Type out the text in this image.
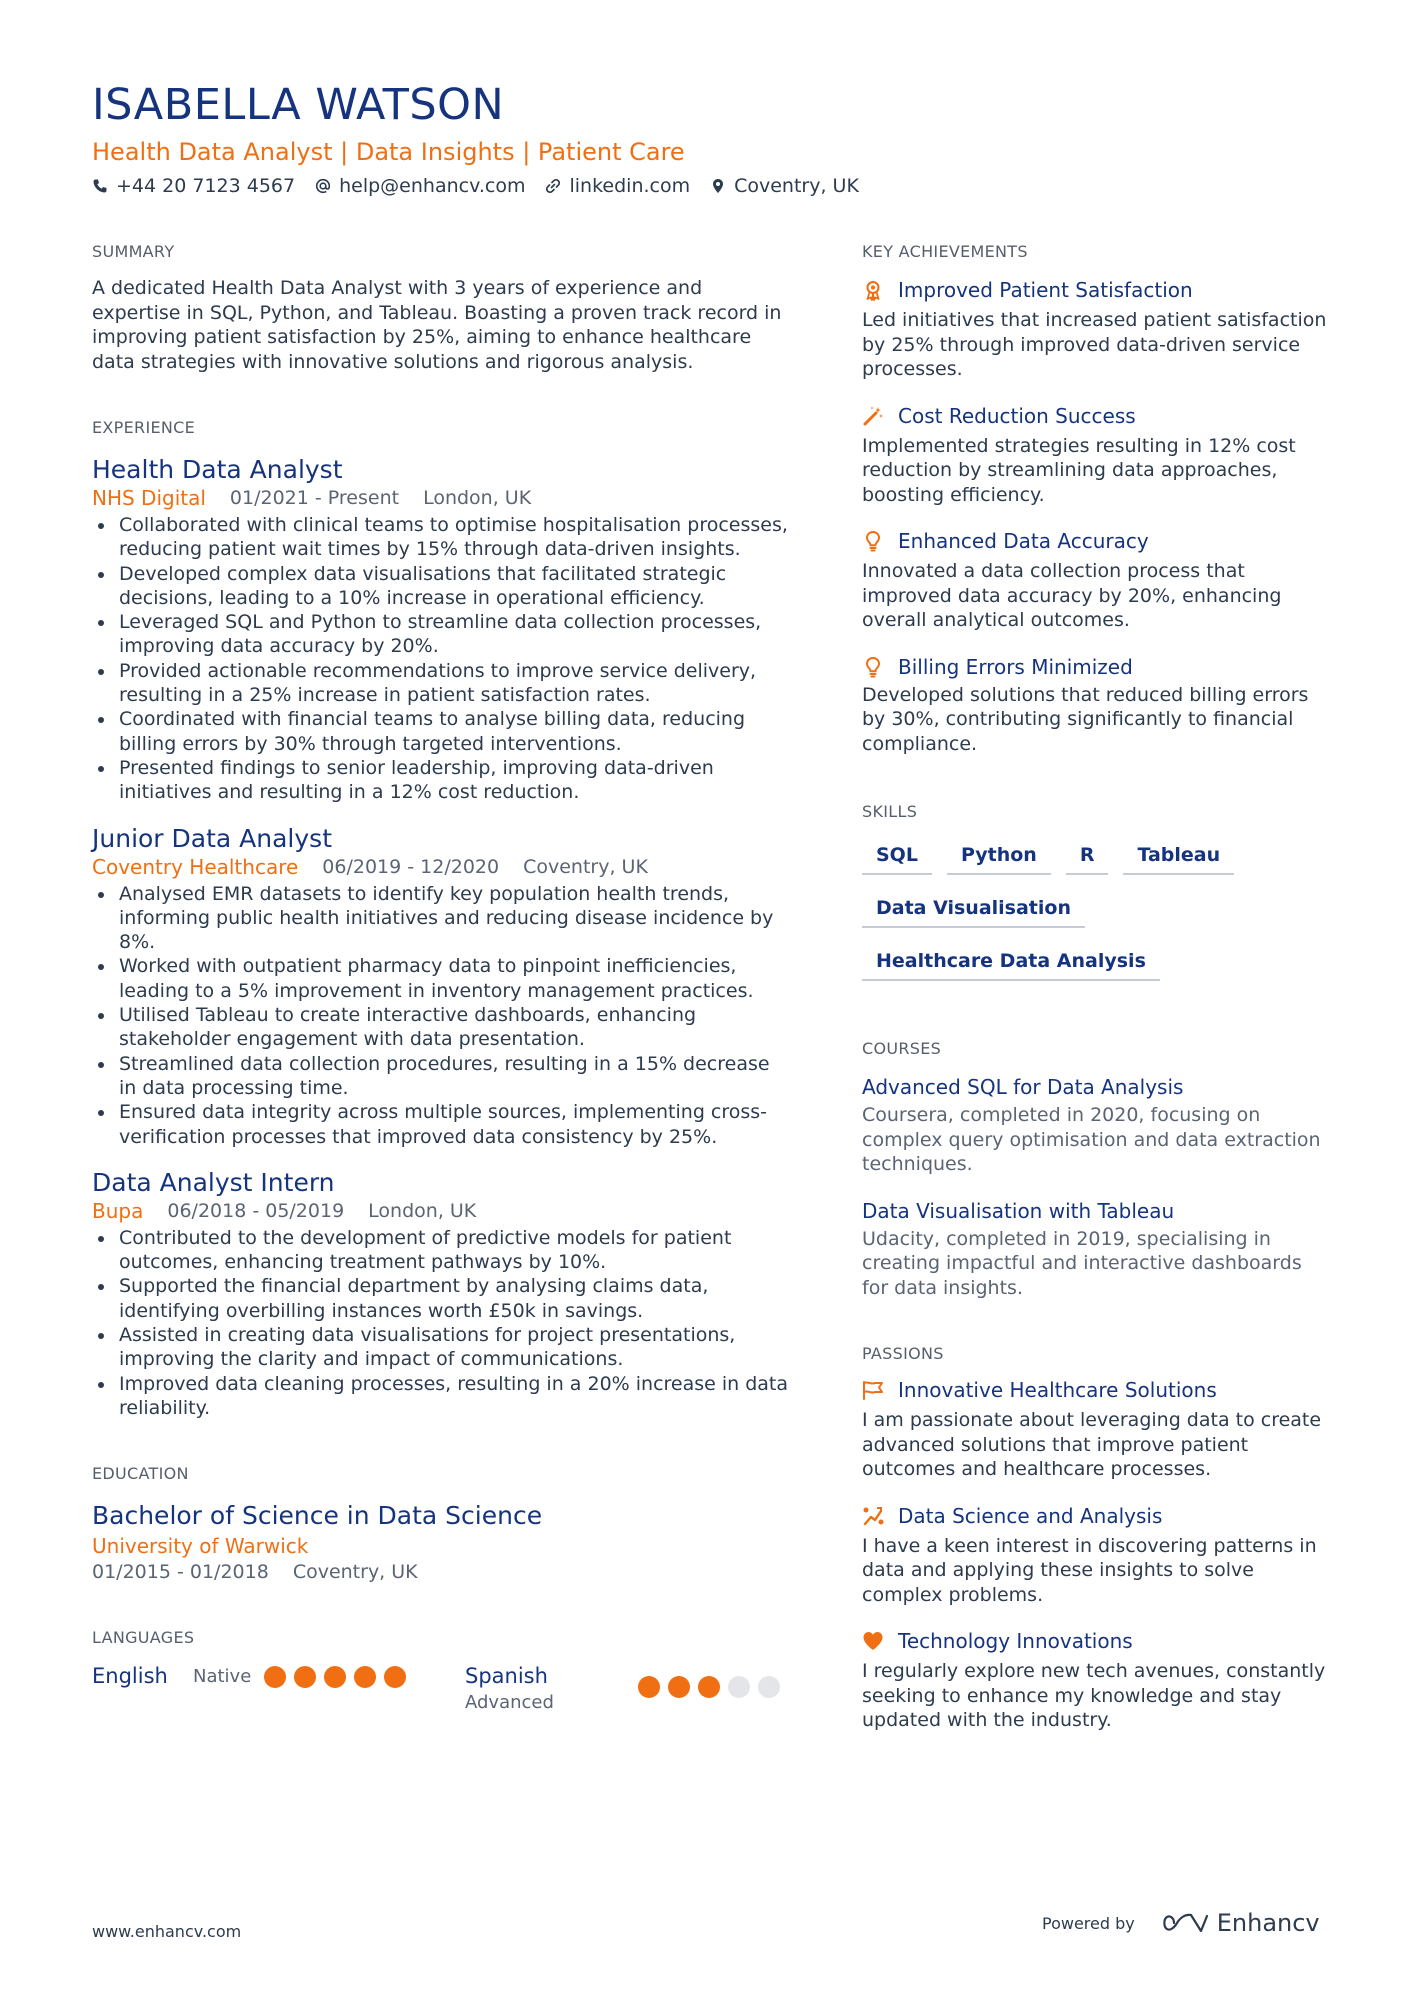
ISABELLA WATSON
Health Data Analyst | Data Insights | Patient Care
+44 20 7123 4567 help@enhancv.com linkedin.com Coventry, UK
SUMMARY

A dedicated Health Data Analyst with 3 years of experience and expertise in SQL, Python, and Tableau. Boasting a proven track record in improving patient satisfaction by 25%, aiming to enhance healthcare data strategies with innovative solutions and rigorous analysis.

EXPERIENCE
Health Data Analyst
NHS Digital 01/2021 - Present London, UK
Collaborated with clinical teams to optimise hospitalisation processes, reducing patient wait times by 15% through data-driven insights.
Developed complex data visualisations that facilitated strategic decisions, leading to a 10% increase in operational efficiency.
Leveraged SQL and Python to streamline data collection processes, improving data accuracy by 20%.
Provided actionable recommendations to improve service delivery, resulting in a 25% increase in patient satisfaction rates.
Coordinated with financial teams to analyse billing data, reducing billing errors by 30% through targeted interventions.
Presented findings to senior leadership, improving data-driven initiatives and resulting in a 12% cost reduction.
Junior Data Analyst
Coventry Healthcare 06/2019 - 12/2020 Coventry, UK
Analysed EMR datasets to identify key population health trends, informing public health initiatives and reducing disease incidence by 8%.
Worked with outpatient pharmacy data to pinpoint inefficiencies, leading to a 5% improvement in inventory management practices.
Utilised Tableau to create interactive dashboards, enhancing stakeholder engagement with data presentation.
Streamlined data collection procedures, resulting in a 15% decrease in data processing time.
Ensured data integrity across multiple sources, implementing cross-verification processes that improved data consistency by 25%.
Data Analyst Intern
Bupa 06/2018 - 05/2019 London, UK
Contributed to the development of predictive models for patient outcomes, enhancing treatment pathways by 10%.
Supported the financial department by analysing claims data, identifying overbilling instances worth £50k in savings.
Assisted in creating data visualisations for project presentations, improving the clarity and impact of communications.
Improved data cleaning processes, resulting in a 20% increase in data reliability.
EDUCATION
Bachelor of Science in Data Science
University of Warwick
01/2015 - 01/2018 Coventry, UK
LANGUAGES
English Native	Spanish
Advanced
KEY ACHIEVEMENTS
Improved Patient Satisfaction

Led initiatives that increased patient satisfaction by 25% through improved data-driven service processes.

Cost Reduction Success

Implemented strategies resulting in 12% cost reduction by streamlining data approaches, boosting efficiency.

Enhanced Data Accuracy

Innovated a data collection process that improved data accuracy by 20%, enhancing overall analytical outcomes.

Billing Errors Minimized

Developed solutions that reduced billing errors by 30%, contributing significantly to financial compliance.

SKILLS
SQL	Python	R	Tableau
Data Visualisation
Healthcare Data Analysis
COURSES
Advanced SQL for Data Analysis

Coursera, completed in 2020, focusing on complex query optimisation and data extraction techniques.

Data Visualisation with Tableau

Udacity, completed in 2019, specialising in creating impactful and interactive dashboards for data insights.

PASSIONS
Innovative Healthcare Solutions

I am passionate about leveraging data to create advanced solutions that improve patient outcomes and healthcare processes.

Data Science and Analysis

I have a keen interest in discovering patterns in data and applying these insights to solve complex problems.

Technology Innovations

I regularly explore new tech avenues, constantly seeking to enhance my knowledge and stay updated with the industry.

www.enhancv.com	Powered by	Enhancv
